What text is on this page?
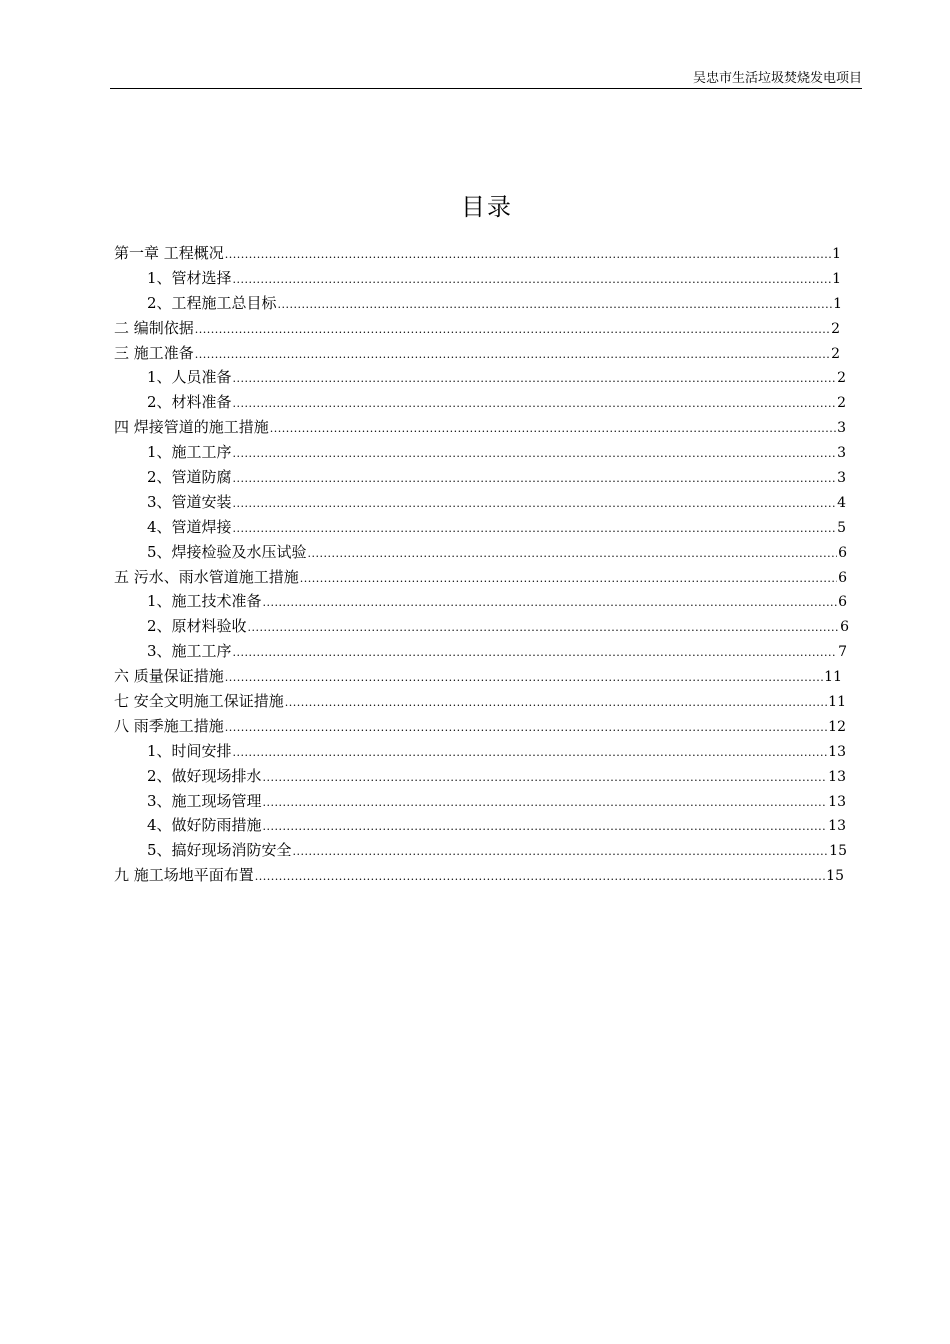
吴忠市生活垃圾焚烧发电项目
目录
第一章 工程概况 .....	1
1、管材选择 .....	1
2、工程施工总目标 .....	1
二 编制依据 .....	2
三 施工准备 .....	2
1、人员准备 .....	2
2、材料准备 .....	2
四 焊接管道的施工措施 .....	3
1、施工工序 .....	3
2、管道防腐 .....	3
3、管道安装 .....	4
4、管道焊接 .....	5
5、焊接检验及水压试验 .....	6
五 污水、雨水管道施工措施 .....	6
1、施工技术准备 .....	6
2、原材料验收 .....	6
3、施工工序 .....	7
六 质量保证措施 .....	11
七 安全文明施工保证措施 .....	11
八 雨季施工措施 .....	12
1、时间安排 .....	13
2、做好现场排水 .....	13
3、施工现场管理 .....	13
4、做好防雨措施 .....	13
5、搞好现场消防安全 .....	15
九 施工场地平面布置 .....	15
